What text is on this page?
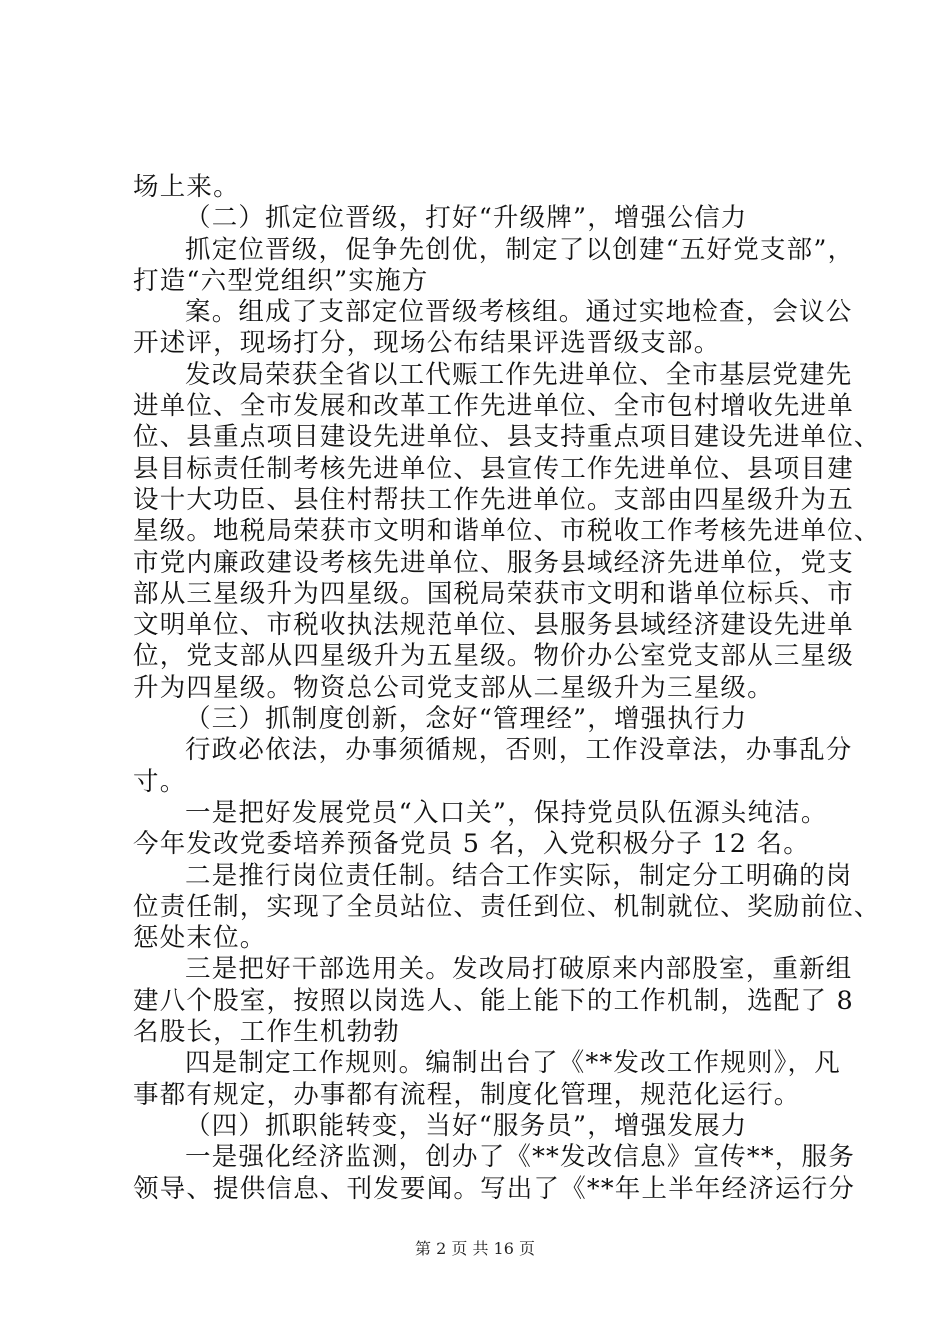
场上来。
（二）抓定位晋级，打好“升级牌”，增强公信力
抓定位晋级，促争先创优，制定了以创建“五好党支部”，
打造“六型党组织”实施方
案。组成了支部定位晋级考核组。通过实地检查，会议公
开述评，现场打分，现场公布结果评选晋级支部。
发改局荣获全省以工代赈工作先进单位、全市基层党建先
进单位、全市发展和改革工作先进单位、全市包村增收先进单
位、县重点项目建设先进单位、县支持重点项目建设先进单位、
县目标责任制考核先进单位、县宣传工作先进单位、县项目建
设十大功臣、县住村帮扶工作先进单位。支部由四星级升为五
星级。地税局荣获市文明和谐单位、市税收工作考核先进单位、
市党内廉政建设考核先进单位、服务县域经济先进单位，党支
部从三星级升为四星级。国税局荣获市文明和谐单位标兵、市
文明单位、市税收执法规范单位、县服务县域经济建设先进单
位，党支部从四星级升为五星级。物价办公室党支部从三星级
升为四星级。物资总公司党支部从二星级升为三星级。
（三）抓制度创新，念好“管理经”，增强执行力
行政必依法，办事须循规，否则，工作没章法，办事乱分
寸。
一是把好发展党员“入口关”，保持党员队伍源头纯洁。
今年发改党委培养预备党员 5 名，入党积极分子 12 名。
二是推行岗位责任制。结合工作实际，制定分工明确的岗
位责任制，实现了全员站位、责任到位、机制就位、奖励前位、
惩处末位。
三是把好干部选用关。发改局打破原来内部股室，重新组
建八个股室，按照以岗选人、能上能下的工作机制，选配了 8
名股长，工作生机勃勃
四是制定工作规则。编制出台了《**发改工作规则》，凡
事都有规定，办事都有流程，制度化管理，规范化运行。
（四）抓职能转变，当好“服务员”，增强发展力
一是强化经济监测，创办了《**发改信息》宣传**，服务
领导、提供信息、刊发要闻。写出了《**年上半年经济运行分
第 2 页 共 16 页
